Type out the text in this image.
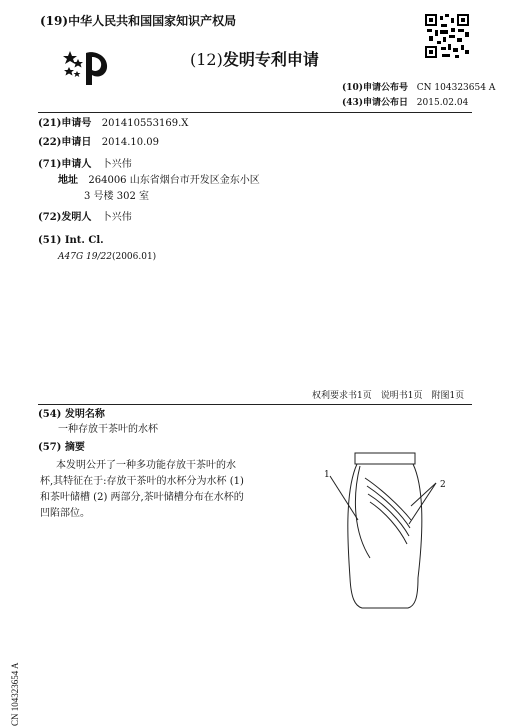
(19)中华人民共和国国家知识产权局
(12)发明专利申请
(10)申请公布号 CN 104323654 A
(43)申请公布日 2015.02.04
(21)申请号 201410553169.X
(22)申请日 2014.10.09
(71)申请人 卜兴伟
地址 264006 山东省烟台市开发区金东小区
3 号楼 302 室
(72)发明人 卜兴伟
(51) Int. Cl.
A47G 19/22(2006.01)
权利要求书1页　说明书1页　附图1页
(54) 发明名称
一种存放干茶叶的水杯
(57) 摘要
本发明公开了一种多功能存放干茶叶的水
杯,其特征在于:存放干茶叶的水杯分为水杯 (1)
和茶叶储槽 (2) 两部分,茶叶储槽分布在水杯的
凹陷部位。
1
2
CN 104323654 A
